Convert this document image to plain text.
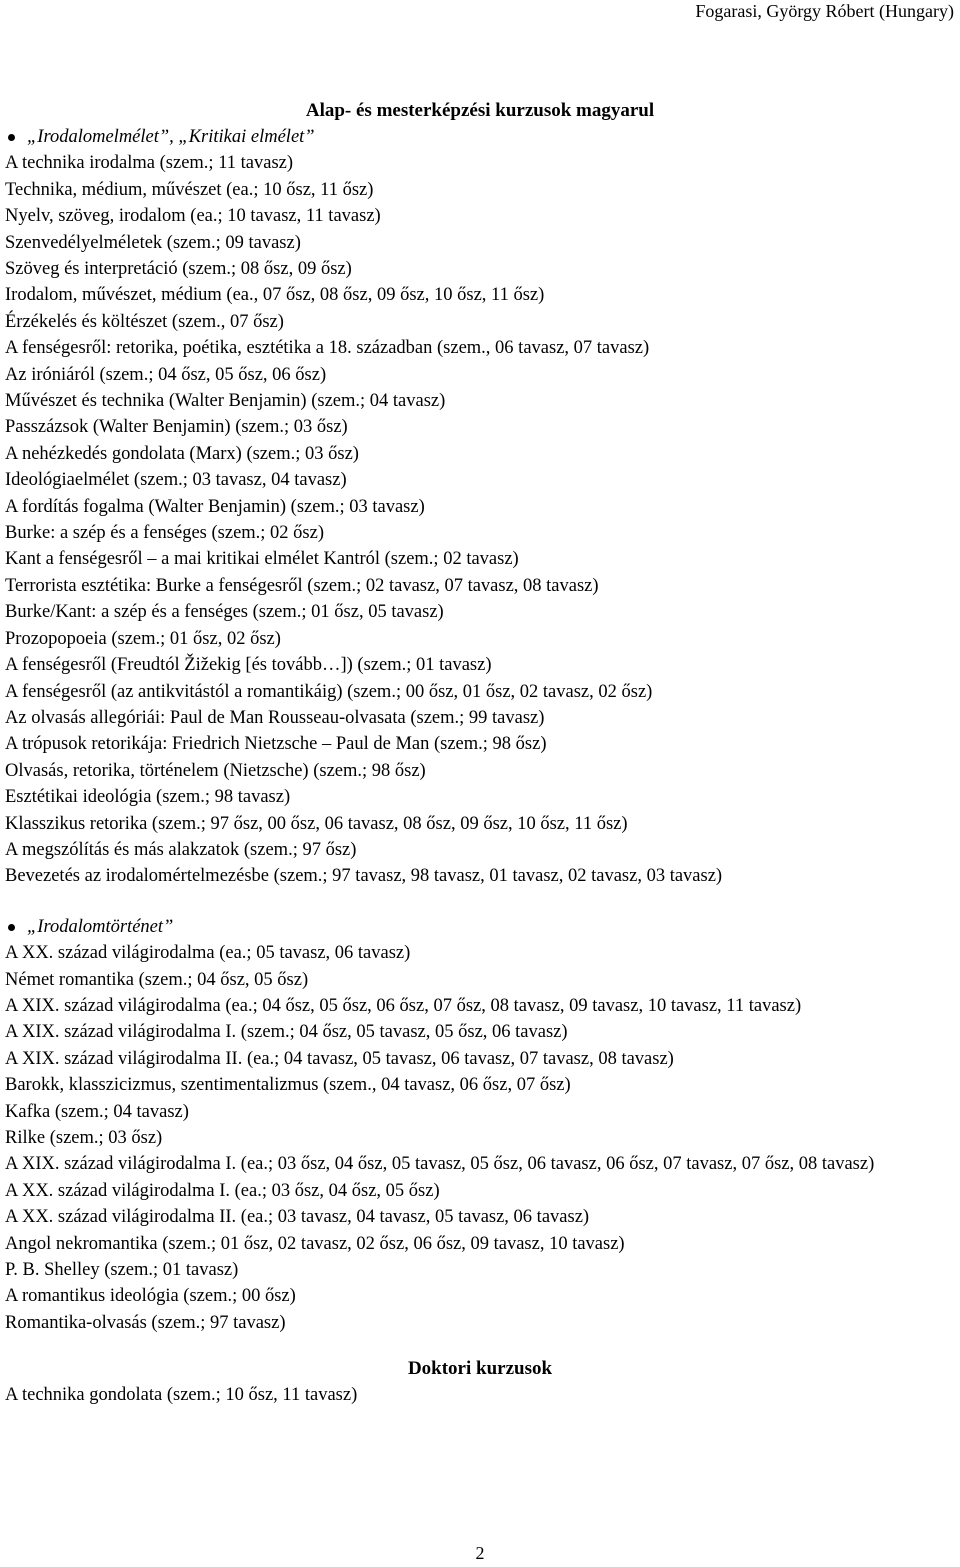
Fogarasi, György Róbert (Hungary)
Alap- és mesterképzési kurzusok magyarul
„Irodalomelmélet”, „Kritikai elmélet”
A technika irodalma (szem.; 11 tavasz)
Technika, médium, művészet (ea.; 10 ősz, 11 ősz)
Nyelv, szöveg, irodalom (ea.; 10 tavasz, 11 tavasz)
Szenvedélyelméletek (szem.; 09 tavasz)
Szöveg és interpretáció (szem.; 08 ősz, 09 ősz)
Irodalom, művészet, médium (ea., 07 ősz, 08 ősz, 09 ősz, 10 ősz, 11 ősz)
Érzékelés és költészet (szem., 07 ősz)
A fenségesről: retorika, poétika, esztétika a 18. században (szem., 06 tavasz, 07 tavasz)
Az iróniáról (szem.; 04 ősz, 05 ősz, 06 ősz)
Művészet és technika (Walter Benjamin) (szem.; 04 tavasz)
Passzázsok (Walter Benjamin) (szem.; 03 ősz)
A nehézkedés gondolata (Marx) (szem.; 03 ősz)
Ideológiaelmélet (szem.; 03 tavasz, 04 tavasz)
A fordítás fogalma (Walter Benjamin) (szem.; 03 tavasz)
Burke: a szép és a fenséges (szem.; 02 ősz)
Kant a fenségesről – a mai kritikai elmélet Kantról (szem.; 02 tavasz)
Terrorista esztétika: Burke a fenségesről (szem.; 02 tavasz, 07 tavasz, 08 tavasz)
Burke/Kant: a szép és a fenséges (szem.; 01 ősz, 05 tavasz)
Prozopopoeia (szem.; 01 ősz, 02 ősz)
A fenségesről (Freudtól Žižekig [és tovább…]) (szem.; 01 tavasz)
A fenségesről (az antikvitástól a romantikáig) (szem.; 00 ősz, 01 ősz, 02 tavasz, 02 ősz)
Az olvasás allegóriái: Paul de Man Rousseau-olvasata (szem.; 99 tavasz)
A trópusok retorikája: Friedrich Nietzsche – Paul de Man (szem.; 98 ősz)
Olvasás, retorika, történelem (Nietzsche) (szem.; 98 ősz)
Esztétikai ideológia (szem.; 98 tavasz)
Klasszikus retorika (szem.; 97 ősz, 00 ősz, 06 tavasz, 08 ősz, 09 ősz, 10 ősz, 11 ősz)
A megszólítás és más alakzatok (szem.; 97 ősz)
Bevezetés az irodalomértelmezésbe (szem.; 97 tavasz, 98 tavasz, 01 tavasz, 02 tavasz, 03 tavasz)
„Irodalomtörténet”
A XX. század világirodalma (ea.; 05 tavasz, 06 tavasz)
Német romantika (szem.; 04 ősz, 05 ősz)
A XIX. század világirodalma (ea.; 04 ősz, 05 ősz, 06 ősz, 07 ősz, 08 tavasz, 09 tavasz, 10 tavasz, 11 tavasz)
A XIX. század világirodalma I. (szem.; 04 ősz, 05 tavasz, 05 ősz, 06 tavasz)
A XIX. század világirodalma II. (ea.; 04 tavasz, 05 tavasz, 06 tavasz, 07 tavasz, 08 tavasz)
Barokk, klasszicizmus, szentimentalizmus (szem., 04 tavasz, 06 ősz, 07 ősz)
Kafka (szem.; 04 tavasz)
Rilke (szem.; 03 ősz)
A XIX. század világirodalma I. (ea.; 03 ősz, 04 ősz, 05 tavasz, 05 ősz, 06 tavasz, 06 ősz, 07 tavasz, 07 ősz, 08 tavasz)
A XX. század világirodalma I. (ea.; 03 ősz, 04 ősz, 05 ősz)
A XX. század világirodalma II. (ea.; 03 tavasz, 04 tavasz, 05 tavasz, 06 tavasz)
Angol nekromantika (szem.; 01 ősz, 02 tavasz, 02 ősz, 06 ősz, 09 tavasz, 10 tavasz)
P. B. Shelley (szem.; 01 tavasz)
A romantikus ideológia (szem.; 00 ősz)
Romantika-olvasás (szem.; 97 tavasz)
Doktori kurzusok
A technika gondolata (szem.; 10 ősz, 11 tavasz)
2
